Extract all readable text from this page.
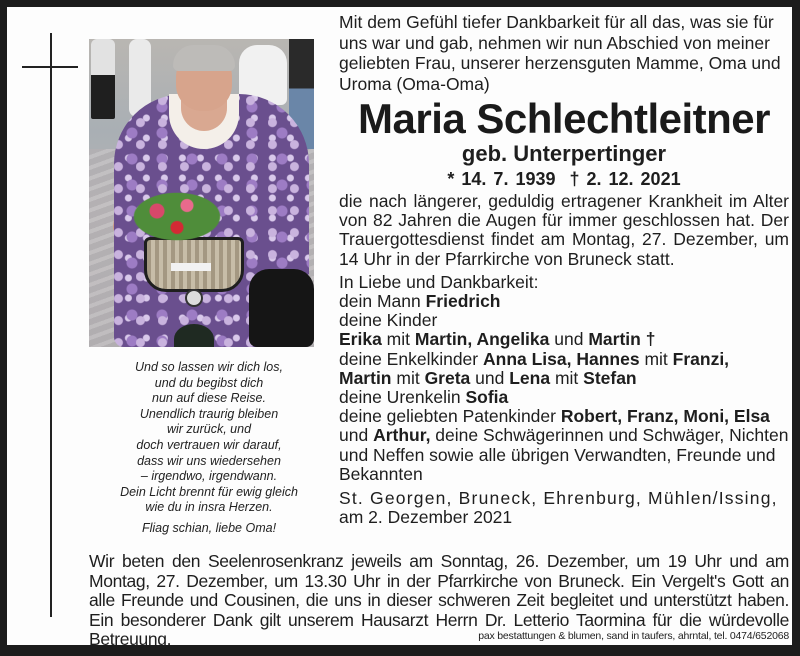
Und so lassen wir dich los,
und du begibst dich
nun auf diese Reise.
Unendlich traurig bleiben
wir zurück, und
doch vertrauen wir darauf,
dass wir uns wiedersehen
– irgendwo, irgendwann.
Dein Licht brennt für ewig gleich
wie du in insra Herzen.
Fliag schian, liebe Oma!

Mit dem Gefühl tiefer Dankbarkeit für all das, was sie für uns war und gab, nehmen wir nun Abschied von meiner geliebten Frau, unserer herzensguten Mamme, Oma und Uroma (Oma-Oma)

Maria Schlechtleitner
geb. Unterpertinger
* 14. 7. 1939 † 2. 12. 2021

die nach längerer, geduldig ertragener Krankheit im Alter von 82 Jahren die Augen für immer geschlossen hat. Der Trauergottesdienst findet am Montag, 27. Dezember, um 14 Uhr in der Pfarrkirche von Bruneck statt.

In Liebe und Dankbarkeit:
dein Mann Friedrich
deine Kinder
Erika mit Martin, Angelika und Martin †
deine Enkelkinder Anna Lisa, Hannes mit Franzi,
Martin mit Greta und Lena mit Stefan
deine Urenkelin Sofia
deine geliebten Patenkinder Robert, Franz, Moni, Elsa und Arthur, deine Schwägerinnen und Schwäger, Nichten und Neffen sowie alle übrigen Verwandten, Freunde und Bekannten
St. Georgen, Bruneck, Ehrenburg, Mühlen/Issing, am 2. Dezember 2021

Wir beten den Seelenrosenkranz jeweils am Sonntag, 26. Dezember, um 19 Uhr und am Montag, 27. Dezember, um 13.30 Uhr in der Pfarrkirche von Bruneck. Ein Vergelt's Gott an alle Freunde und Cousinen, die uns in dieser schweren Zeit begleitet und unterstützt haben. Ein besonderer Dank gilt unserem Hausarzt Herrn Dr. Letterio Taormina für die würdevolle Betreuung.	pax bestattungen & blumen, sand in taufers, ahrntal, tel. 0474/652068
